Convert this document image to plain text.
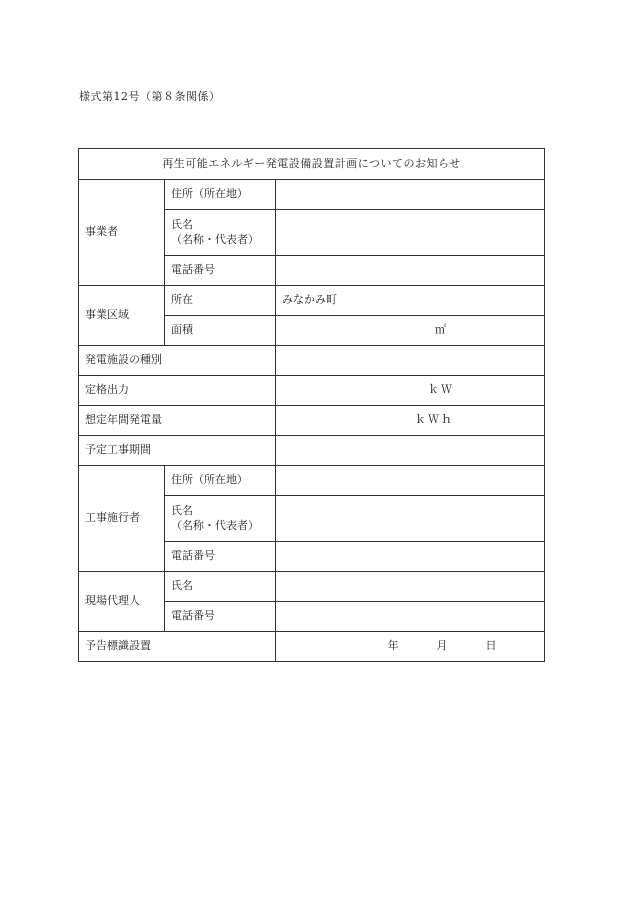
様式第12号（第８条関係）
再生可能エネルギー発電設備設置計画についてのお知らせ		
事業者	住所（所在地）	
	氏名
（名称・代表者）	
	電話番号	
事業区域	所在	みなかみ町
	面積	㎡
発電施設の種別		
定格出力		ｋＷ
想定年間発電量		ｋＷｈ
予定工事期間		
工事施行者	住所（所在地）	
	氏名
（名称・代表者）	
	電話番号	
現場代理人	氏名	
	電話番号	
予告標識設置		年 月 日
